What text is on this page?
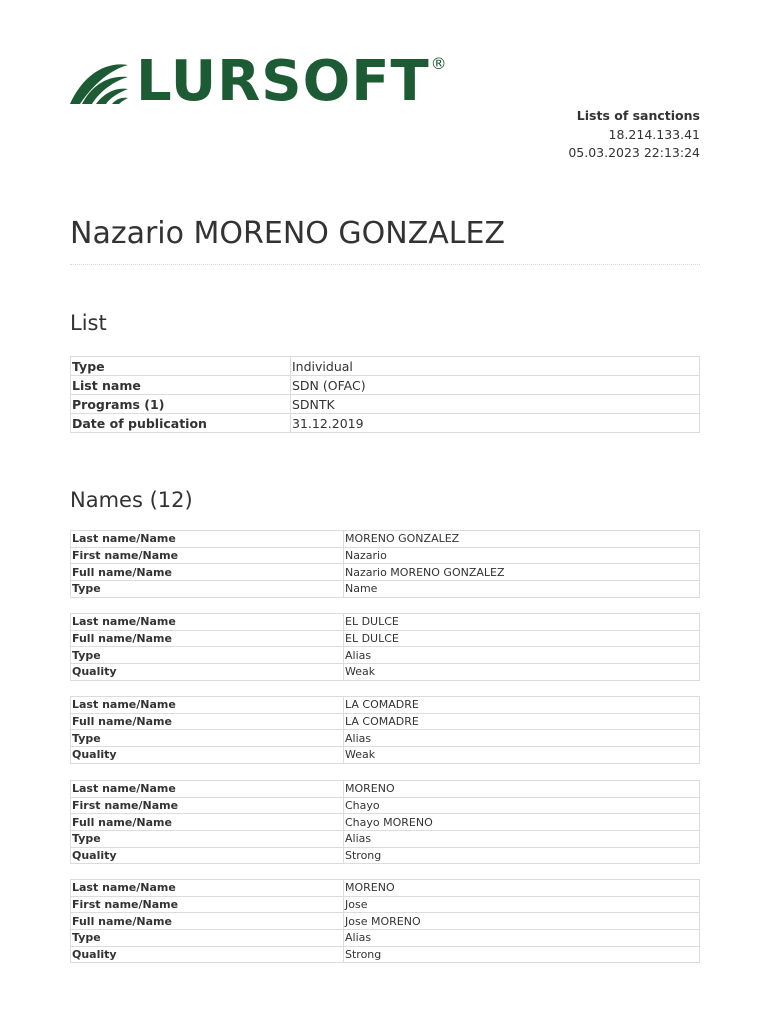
LURSOFT ®
Lists of sanctions
18.214.133.41
05.03.2023 22:13:24
Nazario MORENO GONZALEZ
List
Type	Individual
List name	SDN (OFAC)
Programs (1)	SDNTK
Date of publication	31.12.2019
Names (12)
Last name/Name	MORENO GONZALEZ
First name/Name	Nazario
Full name/Name	Nazario MORENO GONZALEZ
Type	Name
Last name/Name	EL DULCE
Full name/Name	EL DULCE
Type	Alias
Quality	Weak
Last name/Name	LA COMADRE
Full name/Name	LA COMADRE
Type	Alias
Quality	Weak
Last name/Name	MORENO
First name/Name	Chayo
Full name/Name	Chayo MORENO
Type	Alias
Quality	Strong
Last name/Name	MORENO
First name/Name	Jose
Full name/Name	Jose MORENO
Type	Alias
Quality	Strong
